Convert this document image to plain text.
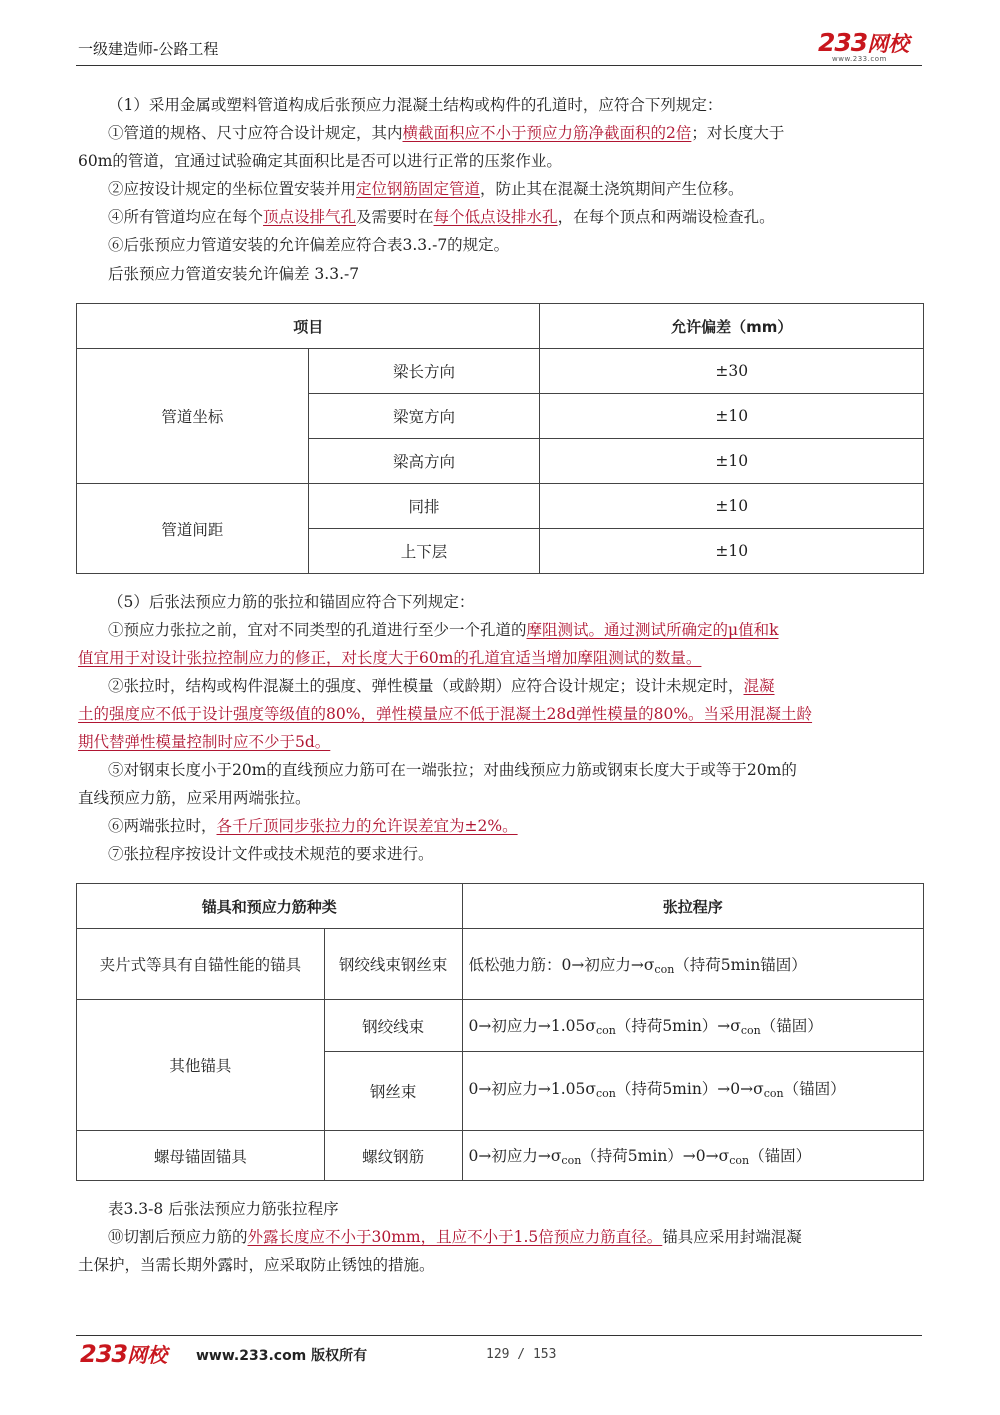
一级建造师-公路工程	233网校
www.233.com
（1）采用金属或塑料管道构成后张预应力混凝土结构或构件的孔道时，应符合下列规定：
①管道的规格、尺寸应符合设计规定，其内横截面积应不小于预应力筋净截面积的2倍；对长度大于
60m的管道，宜通过试验确定其面积比是否可以进行正常的压浆作业。
②应按设计规定的坐标位置安装并用定位钢筋固定管道，防止其在混凝土浇筑期间产生位移。
④所有管道均应在每个顶点设排气孔及需要时在每个低点设排水孔，在每个顶点和两端设检查孔。
⑥后张预应力管道安装的允许偏差应符合表3.3.-7的规定。
后张预应力管道安装允许偏差 3.3.-7
项目		允许偏差（mm）
管道坐标	梁长方向	±30
	梁宽方向	±10
	梁高方向	±10
管道间距	同排	±10
	上下层	±10
（5）后张法预应力筋的张拉和锚固应符合下列规定：
①预应力张拉之前，宜对不同类型的孔道进行至少一个孔道的摩阻测试。通过测试所确定的μ值和k
值宜用于对设计张拉控制应力的修正，对长度大于60m的孔道宜适当增加摩阻测试的数量。
②张拉时，结构或构件混凝土的强度、弹性模量（或龄期）应符合设计规定；设计未规定时，混凝
土的强度应不低于设计强度等级值的80%，弹性模量应不低于混凝土28d弹性模量的80%。当采用混凝土龄
期代替弹性模量控制时应不少于5d。
⑤对钢束长度小于20m的直线预应力筋可在一端张拉；对曲线预应力筋或钢束长度大于或等于20m的
直线预应力筋，应采用两端张拉。
⑥两端张拉时，各千斤顶同步张拉力的允许误差宜为±2%。
⑦张拉程序按设计文件或技术规范的要求进行。
锚具和预应力筋种类		张拉程序
夹片式等具有自锚性能的锚具	钢绞线束钢丝束	低松弛力筋：0→初应力$\to\sigma_{con}$（持荷5min锚固）
其他锚具	钢绞线束	0→初应力$\to 1.05\sigma_{con}$（持荷$5\min)\to\sigma_{con}$（锚固）
	钢丝束	0→初应力$\to 1.05\sigma_{con}$（持荷$5\min)\to 0\to\sigma_{con}$（锚固）
螺母锚固锚具	螺纹钢筋	0→初应力$\to\sigma_{con}$（持荷$5\min)\to 0\to\sigma_{con}$（锚固）
表3.3-8 后张法预应力筋张拉程序
⑩切割后预应力筋的外露长度应不小于30mm，且应不小于1.5倍预应力筋直径。锚具应采用封端混凝
土保护，当需长期外露时，应采取防止锈蚀的措施。
233网校 www.233.com 版权所有	129 / 153
